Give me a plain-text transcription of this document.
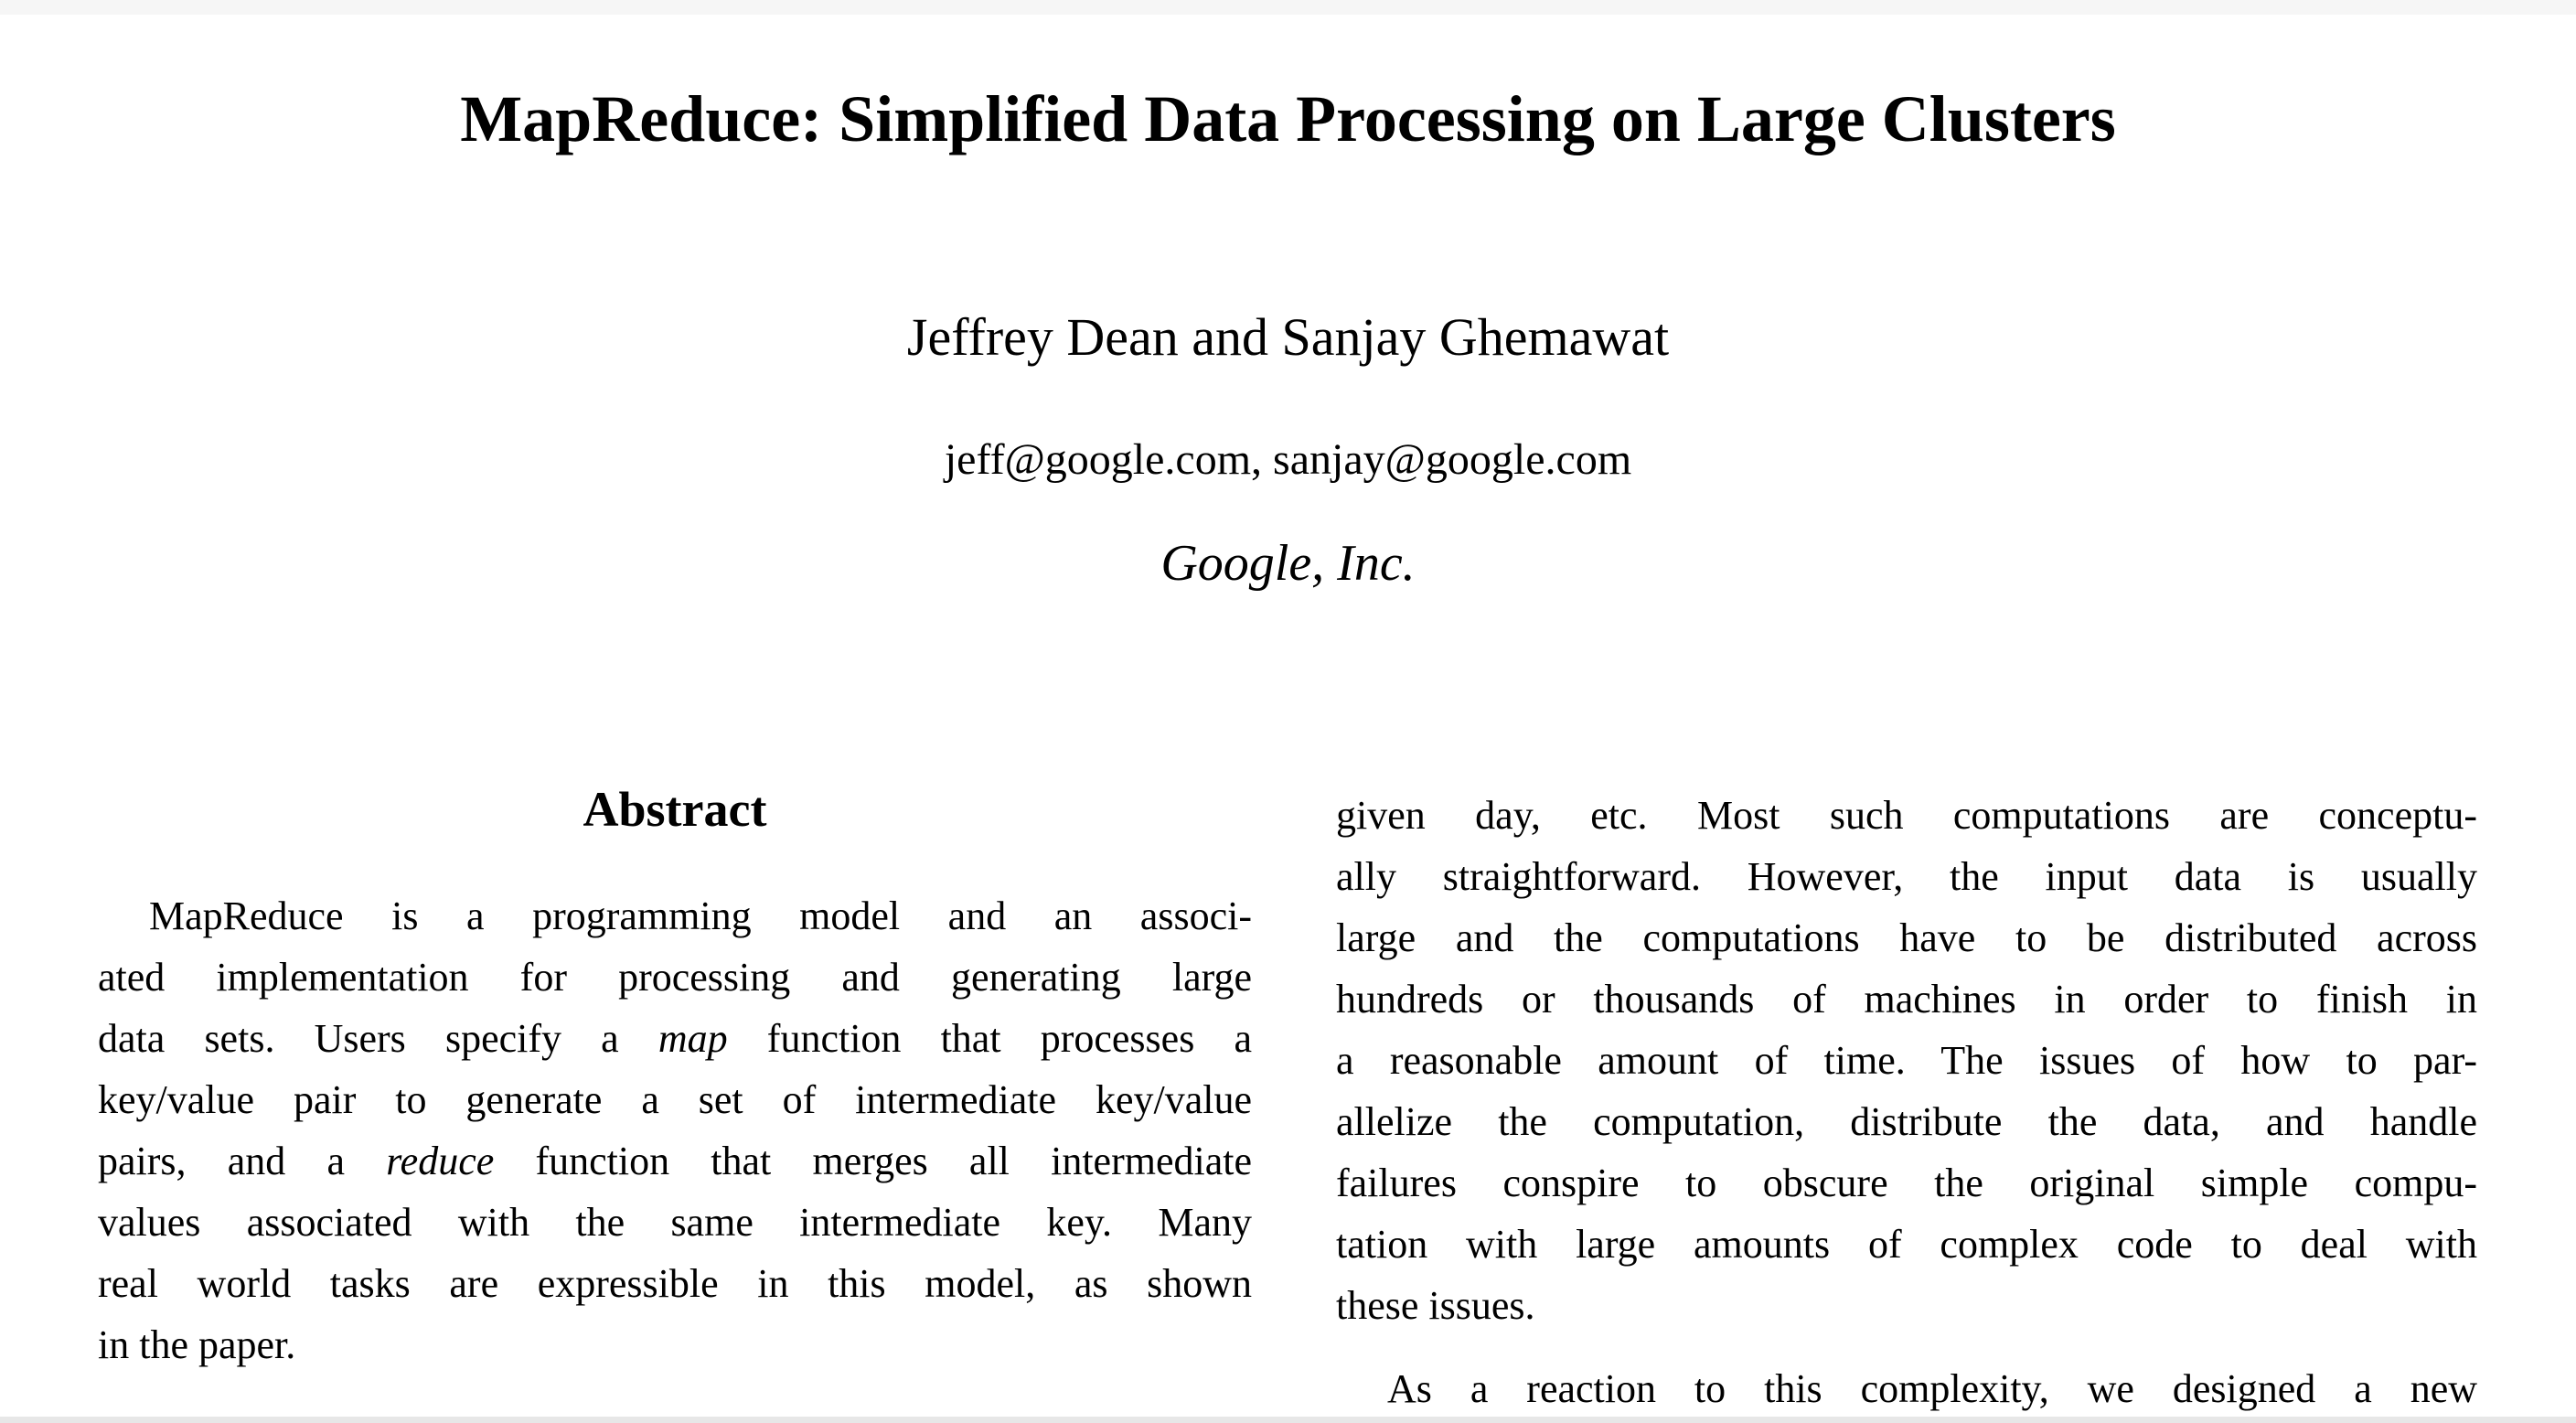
MapReduce: Simplified Data Processing on Large Clusters
Jeffrey Dean and Sanjay Ghemawat
jeff@google.com, sanjay@google.com
Google, Inc.
Abstract
MapReduce is a programming model and an associ-
ated implementation for processing and generating large
data sets. Users specify a map function that processes a
key/value pair to generate a set of intermediate key/value
pairs, and a reduce function that merges all intermediate
values associated with the same intermediate key. Many
real world tasks are expressible in this model, as shown
in the paper.
given day, etc. Most such computations are conceptu-
ally straightforward. However, the input data is usually
large and the computations have to be distributed across
hundreds or thousands of machines in order to finish in
a reasonable amount of time. The issues of how to par-
allelize the computation, distribute the data, and handle
failures conspire to obscure the original simple compu-
tation with large amounts of complex code to deal with
these issues.
As a reaction to this complexity, we designed a new
